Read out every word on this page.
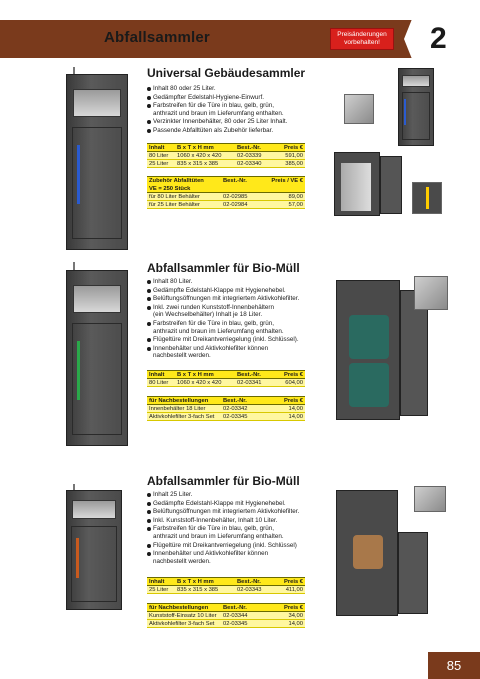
Abfallsammler	Preisänderungen
vorbehalten!	2
Universal Gebäudesammler
Inhalt 80 oder 25 Liter.
Gedämpfter Edelstahl-Hygiene-Einwurf.
Farbstreifen für die Türe in blau, gelb, grün,
anthrazit und braun im Lieferumfang enthalten.
Verzinkter Innenbehälter, 80 oder 25 Liter Inhalt.
Passende Abfalltüten als Zubehör lieferbar.
Inhalt	B x T x H mm	Best.-Nr.	Preis €
80 Liter	1060 x 420 x 420	02-03339	591,00
25 Liter	835 x 315 x 385	02-03340	385,00
Zubehör Abfalltüten
VE = 250 Stück
Best.-Nr.	Preis / VE €
für 80 Liter Behälter	02-02985	89,00
für 25 Liter Behälter	02-02984	57,00
Abfallsammler für Bio-Müll
Inhalt 80 Liter.
Gedämpfte Edelstahl-Klappe mit Hygienehebel.
Belüftungsöffnungen mit integriertem Aktivkohlefilter.
Inkl. zwei runden Kunststoff-Innenbehältern
(ein Wechselbehälter) Inhalt je 18 Liter.
Farbstreifen für die Türe in blau, gelb, grün,
anthrazit und braun im Lieferumfang enthalten.
Flügeltüre mit Dreikantverriegelung (inkl. Schlüssel).
Innenbehälter und Aktivkohlefilter können
nachbestellt werden.
Inhalt	B x T x H mm	Best.-Nr.	Preis €
80 Liter	1060 x 420 x 420	02-03341	604,00
für Nachbestellungen	Best.-Nr.	Preis €
Innenbehälter 18 Liter	02-03342	14,00
Aktivkohlefilter 3-fach Set	02-03345	14,00
Abfallsammler für Bio-Müll
Inhalt 25 Liter.
Gedämpfte Edelstahl-Klappe mit Hygienehebel.
Belüftungsöffnungen mit integriertem Aktivkohlefilter.
Inkl. Kunststoff-Innenbehälter, Inhalt 10 Liter.
Farbstreifen für die Türe in blau, gelb, grün,
anthrazit und braun im Lieferumfang enthalten.
Flügeltüre mit Dreikantverriegelung (inkl. Schlüssel)
Innenbehälter und Aktivkohlefilter können
nachbestellt werden.
Inhalt	B x T x H mm	Best.-Nr.	Preis €
25 Liter	835 x 315 x 385	02-03343	411,00
für Nachbestellungen	Best.-Nr.	Preis €
Kunststoff-Einsatz 10 Liter	02-03344	34,00
Aktivkohlefilter 3-fach Set	02-03345	14,00
85
